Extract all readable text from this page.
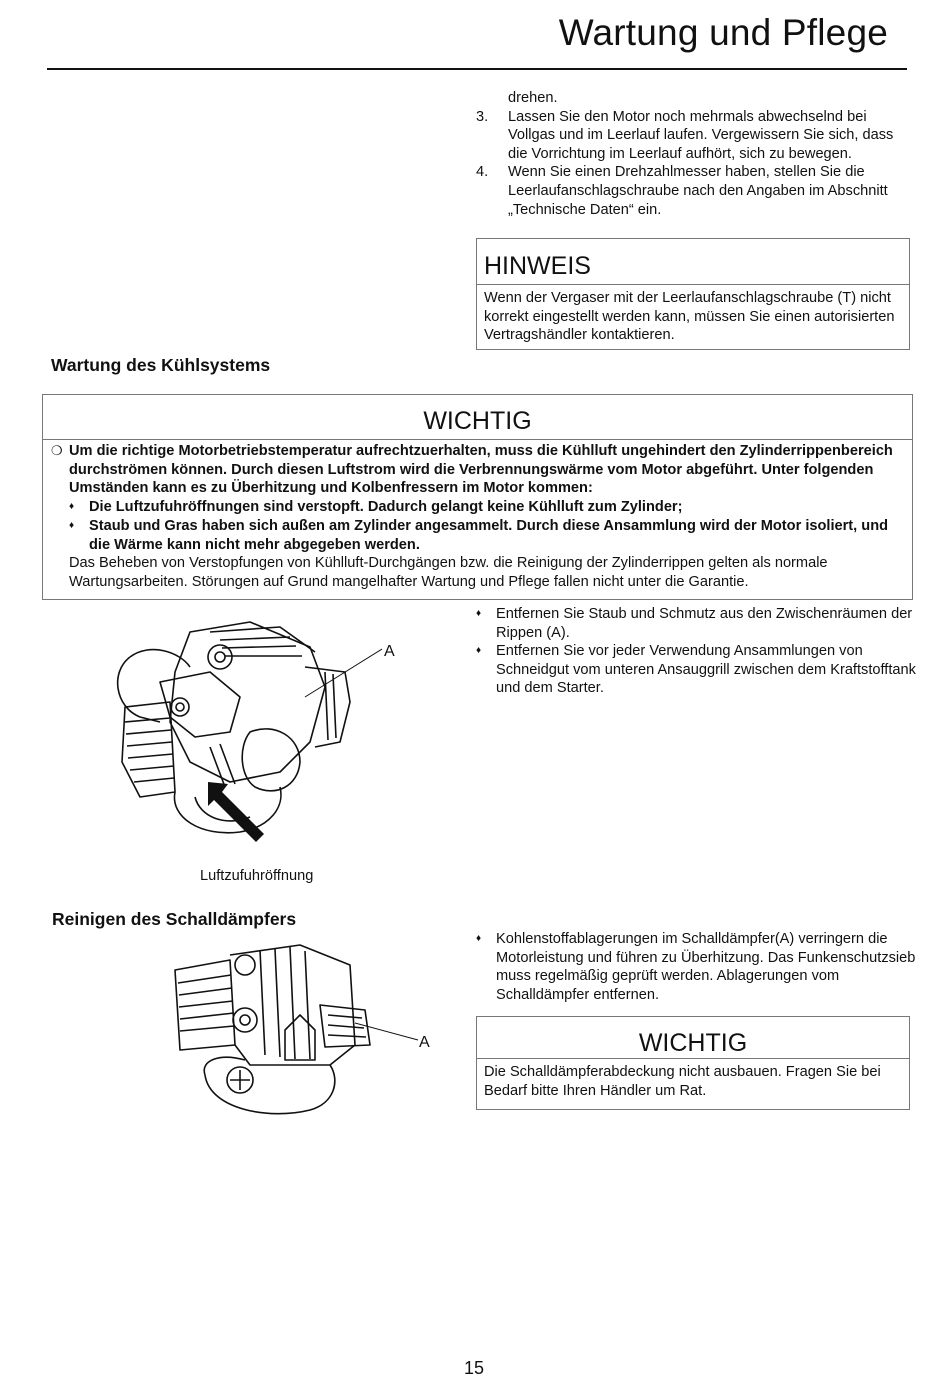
Wartung und Pflege
drehen.
3.	Lassen Sie den Motor noch mehrmals abwechselnd bei Vollgas und im Leerlauf laufen. Vergewissern Sie sich, dass die Vorrichtung im Leerlauf aufhört, sich zu bewegen.
4.	Wenn Sie einen Drehzahlmesser haben, stellen Sie die Leerlaufanschlagschraube nach den Angaben im Abschnitt „Technische Daten“ ein.
HINWEIS
Wenn der Vergaser mit der Leerlaufanschlagschraube (T) nicht korrekt eingestellt werden kann, müssen Sie einen autorisierten Vertragshändler kontaktieren.
Wartung des Kühlsystems
WICHTIG
❍ Um die richtige Motorbetriebstemperatur aufrechtzuerhalten, muss die Kühlluft ungehindert den Zylinderrippenbereich durchströmen können. Durch diesen Luftstrom wird die Verbrennungswärme vom Motor abgeführt. Unter folgenden Umständen kann es zu Überhitzung und Kolbenfressern im Motor kommen:
♦	Die Luftzufuhröffnungen sind verstopft. Dadurch gelangt keine Kühlluft zum Zylinder;
♦	Staub und Gras haben sich außen am Zylinder angesammelt. Durch diese Ansammlung wird der Motor isoliert, und die Wärme kann nicht mehr abgegeben werden.
Das Beheben von Verstopfungen von Kühlluft-Durchgängen bzw. die Reinigung der Zylinderrippen gelten als normale Wartungsarbeiten. Störungen auf Grund mangelhafter Wartung und Pflege fallen nicht unter die Garantie.
♦	Entfernen Sie Staub und Schmutz aus den Zwischenräumen der Rippen (A).
♦	Entfernen Sie vor jeder Verwendung Ansammlungen von Schneidgut vom unteren Ansauggrill zwischen dem Kraftstofftank und dem Starter.
A
Luftzufuhröffnung
Reinigen des Schalldämpfers
♦	Kohlenstoffablagerungen im Schalldämpfer(A) verringern die Motorleistung und führen zu Überhitzung. Das Funkenschutzsieb muss regelmäßig geprüft werden. Ablagerungen vom Schalldämpfer entfernen.
A	WICHTIG
Die Schalldämpferabdeckung nicht ausbauen. Fragen Sie bei Bedarf bitte Ihren Händler um Rat.
15
